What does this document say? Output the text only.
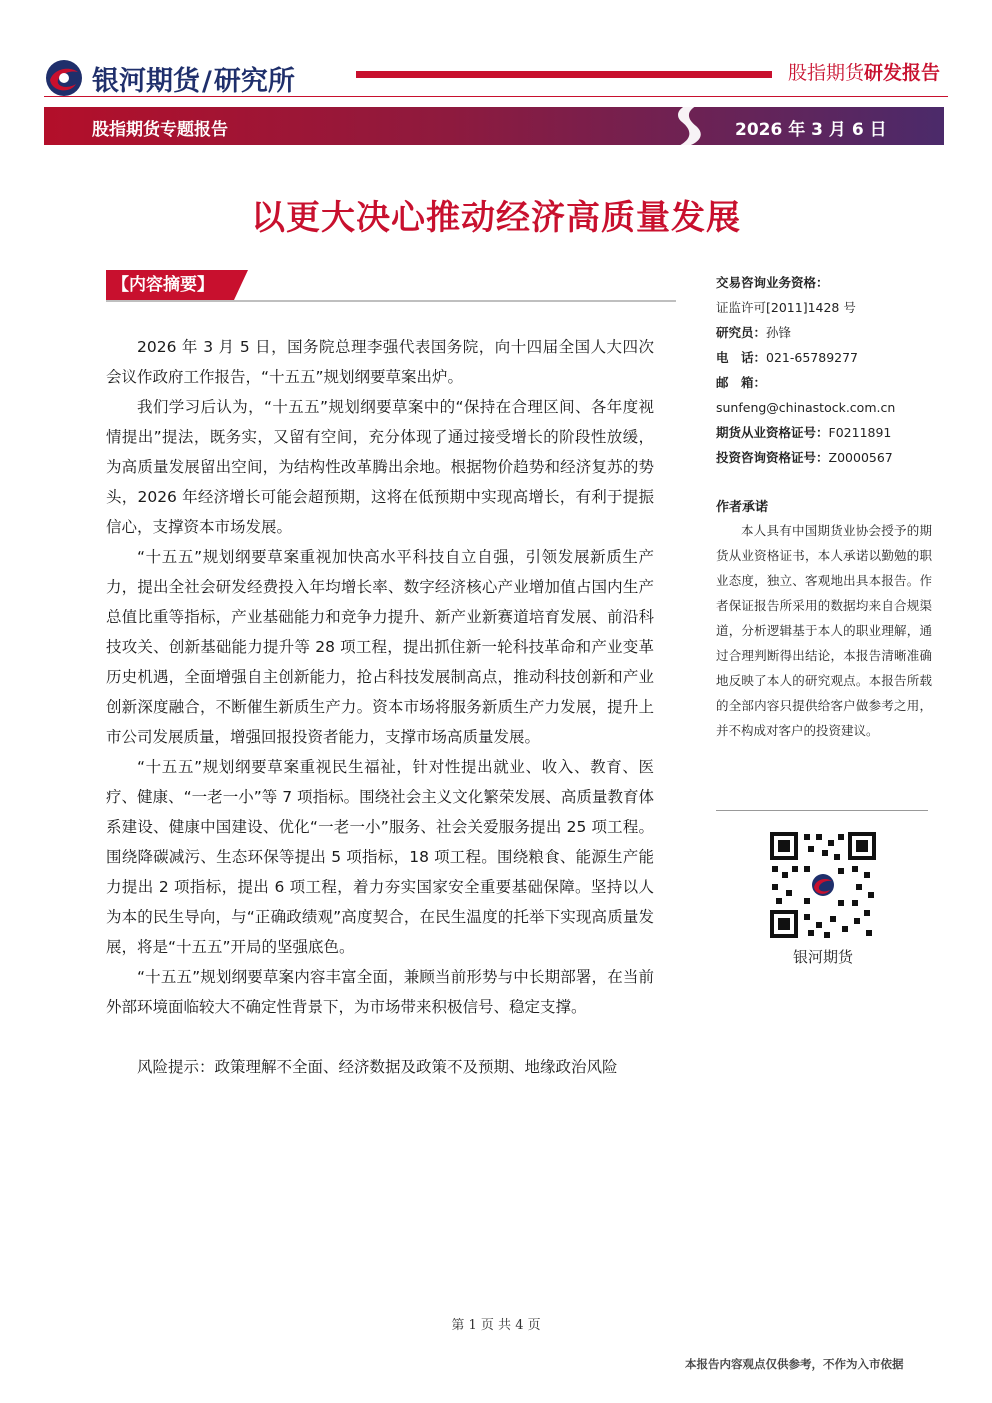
银河期货/研究所	股指期货研发报告
股指期货专题报告	2026 年 3 月 6 日
以更大决心推动经济高质量发展
【内容摘要】

2026 年 3 月 5 日，国务院总理李强代表国务院，向十四届全国人大四次会议作政府工作报告，“十五五”规划纲要草案出炉。

我们学习后认为，“十五五”规划纲要草案中的“保持在合理区间、各年度视情提出”提法，既务实，又留有空间，充分体现了通过接受增长的阶段性放缓，为高质量发展留出空间，为结构性改革腾出余地。根据物价趋势和经济复苏的势头，2026 年经济增长可能会超预期，这将在低预期中实现高增长，有利于提振信心，支撑资本市场发展。

“十五五”规划纲要草案重视加快高水平科技自立自强，引领发展新质生产力，提出全社会研发经费投入年均增长率、数字经济核心产业增加值占国内生产总值比重等指标，产业基础能力和竞争力提升、新产业新赛道培育发展、前沿科技攻关、创新基础能力提升等 28 项工程，提出抓住新一轮科技革命和产业变革历史机遇，全面增强自主创新能力，抢占科技发展制高点，推动科技创新和产业创新深度融合，不断催生新质生产力。资本市场将服务新质生产力发展，提升上市公司发展质量，增强回报投资者能力，支撑市场高质量发展。

“十五五”规划纲要草案重视民生福祉，针对性提出就业、收入、教育、医疗、健康、“一老一小”等 7 项指标。围绕社会主义文化繁荣发展、高质量教育体系建设、健康中国建设、优化“一老一小”服务、社会关爱服务提出 25 项工程。围绕降碳减污、生态环保等提出 5 项指标，18 项工程。围绕粮食、能源生产能力提出 2 项指标，提出 6 项工程，着力夯实国家安全重要基础保障。坚持以人为本的民生导向，与“正确政绩观”高度契合，在民生温度的托举下实现高质量发展，将是“十五五”开局的坚强底色。

“十五五”规划纲要草案内容丰富全面，兼顾当前形势与中长期部署，在当前外部环境面临较大不确定性背景下，为市场带来积极信号、稳定支撑。

风险提示：政策理解不全面、经济数据及政策不及预期、地缘政治风险

交易咨询业务资格：
证监许可[2011]1428 号
研究员：孙锋
电　话：021-65789277
邮　箱：
sunfeng@chinastock.com.cn
期货从业资格证号：F0211891
投资咨询资格证号：Z0000567
作者承诺
本人具有中国期货业协会授予的期货从业资格证书，本人承诺以勤勉的职业态度，独立、客观地出具本报告。作者保证报告所采用的数据均来自合规渠道，分析逻辑基于本人的职业理解，通过合理判断得出结论，本报告清晰准确地反映了本人的研究观点。本报告所载的全部内容只提供给客户做参考之用，并不构成对客户的投资建议。
银河期货
第 1 页 共 4 页
本报告内容观点仅供参考，不作为入市依据
